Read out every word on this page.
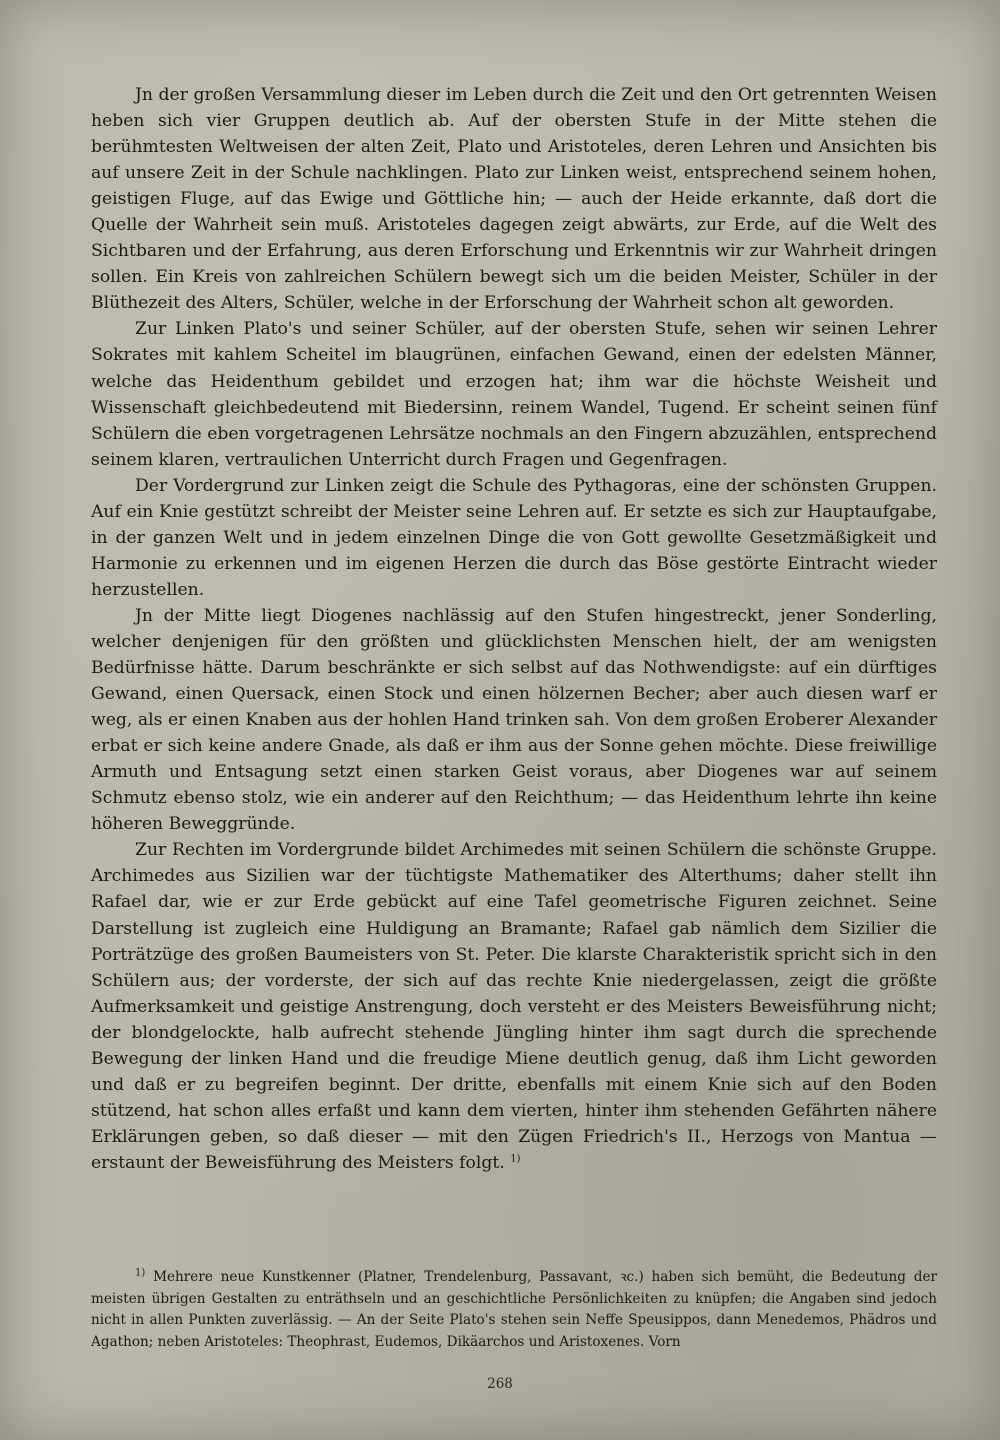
Jn der großen Versammlung dieser im Leben durch die Zeit und den Ort getrennten Weisen heben sich vier Gruppen deutlich ab. Auf der obersten Stufe in der Mitte stehen die berühmtesten Weltweisen der alten Zeit, Plato und Aristoteles, deren Lehren und Ansichten bis auf unsere Zeit in der Schule nachklingen. Plato zur Linken weist, entsprechend seinem hohen, geistigen Fluge, auf das Ewige und Göttliche hin; — auch der Heide erkannte, daß dort die Quelle der Wahrheit sein muß. Aristoteles dagegen zeigt abwärts, zur Erde, auf die Welt des Sichtbaren und der Erfahrung, aus deren Erforschung und Erkenntnis wir zur Wahrheit dringen sollen. Ein Kreis von zahlreichen Schülern bewegt sich um die beiden Meister, Schüler in der Blüthezeit des Alters, Schüler, welche in der Erforschung der Wahrheit schon alt geworden.

Zur Linken Plato's und seiner Schüler, auf der obersten Stufe, sehen wir seinen Lehrer Sokrates mit kahlem Scheitel im blaugrünen, einfachen Gewand, einen der edelsten Männer, welche das Heidenthum gebildet und erzogen hat; ihm war die höchste Weisheit und Wissenschaft gleichbedeutend mit Biedersinn, reinem Wandel, Tugend. Er scheint seinen fünf Schülern die eben vorgetragenen Lehrsätze nochmals an den Fingern abzuzählen, entsprechend seinem klaren, vertraulichen Unterricht durch Fragen und Gegenfragen.

Der Vordergrund zur Linken zeigt die Schule des Pythagoras, eine der schönsten Gruppen. Auf ein Knie gestützt schreibt der Meister seine Lehren auf. Er setzte es sich zur Hauptaufgabe, in der ganzen Welt und in jedem einzelnen Dinge die von Gott gewollte Gesetzmäßigkeit und Harmonie zu erkennen und im eigenen Herzen die durch das Böse gestörte Eintracht wieder herzustellen.

Jn der Mitte liegt Diogenes nachlässig auf den Stufen hingestreckt, jener Sonderling, welcher denjenigen für den größten und glücklichsten Menschen hielt, der am wenigsten Bedürfnisse hätte. Darum beschränkte er sich selbst auf das Nothwendigste: auf ein dürftiges Gewand, einen Quersack, einen Stock und einen hölzernen Becher; aber auch diesen warf er weg, als er einen Knaben aus der hohlen Hand trinken sah. Von dem großen Eroberer Alexander erbat er sich keine andere Gnade, als daß er ihm aus der Sonne gehen möchte. Diese freiwillige Armuth und Entsagung setzt einen starken Geist voraus, aber Diogenes war auf seinem Schmutz ebenso stolz, wie ein anderer auf den Reichthum; — das Heidenthum lehrte ihn keine höheren Beweggründe.

Zur Rechten im Vordergrunde bildet Archimedes mit seinen Schülern die schönste Gruppe. Archimedes aus Sizilien war der tüchtigste Mathematiker des Alterthums; daher stellt ihn Rafael dar, wie er zur Erde gebückt auf eine Tafel geometrische Figuren zeichnet. Seine Darstellung ist zugleich eine Huldigung an Bramante; Rafael gab nämlich dem Sizilier die Porträtzüge des großen Baumeisters von St. Peter. Die klarste Charakteristik spricht sich in den Schülern aus; der vorderste, der sich auf das rechte Knie niedergelassen, zeigt die größte Aufmerksamkeit und geistige Anstrengung, doch versteht er des Meisters Beweisführung nicht; der blondgelockte, halb aufrecht stehende Jüngling hinter ihm sagt durch die sprechende Bewegung der linken Hand und die freudige Miene deutlich genug, daß ihm Licht geworden und daß er zu begreifen beginnt. Der dritte, ebenfalls mit einem Knie sich auf den Boden stützend, hat schon alles erfaßt und kann dem vierten, hinter ihm stehenden Gefährten nähere Erklärungen geben, so daß dieser — mit den Zügen Friedrich's II., Herzogs von Mantua — erstaunt der Beweisführung des Meisters folgt. $^{1)}$

$^{1)}$ Mehrere neue Kunstkenner (Platner, Trendelenburg, Passavant, ꝛc.) haben sich bemüht, die Bedeutung der meisten übrigen Gestalten zu enträthseln und an geschichtliche Persönlichkeiten zu knüpfen; die Angaben sind jedoch nicht in allen Punkten zuverlässig. — An der Seite Plato's stehen sein Neffe Speusippos, dann Menedemos, Phädros und Agathon; neben Aristoteles: Theophrast, Eudemos, Dikäarchos und Aristoxenes. Vorn

268
